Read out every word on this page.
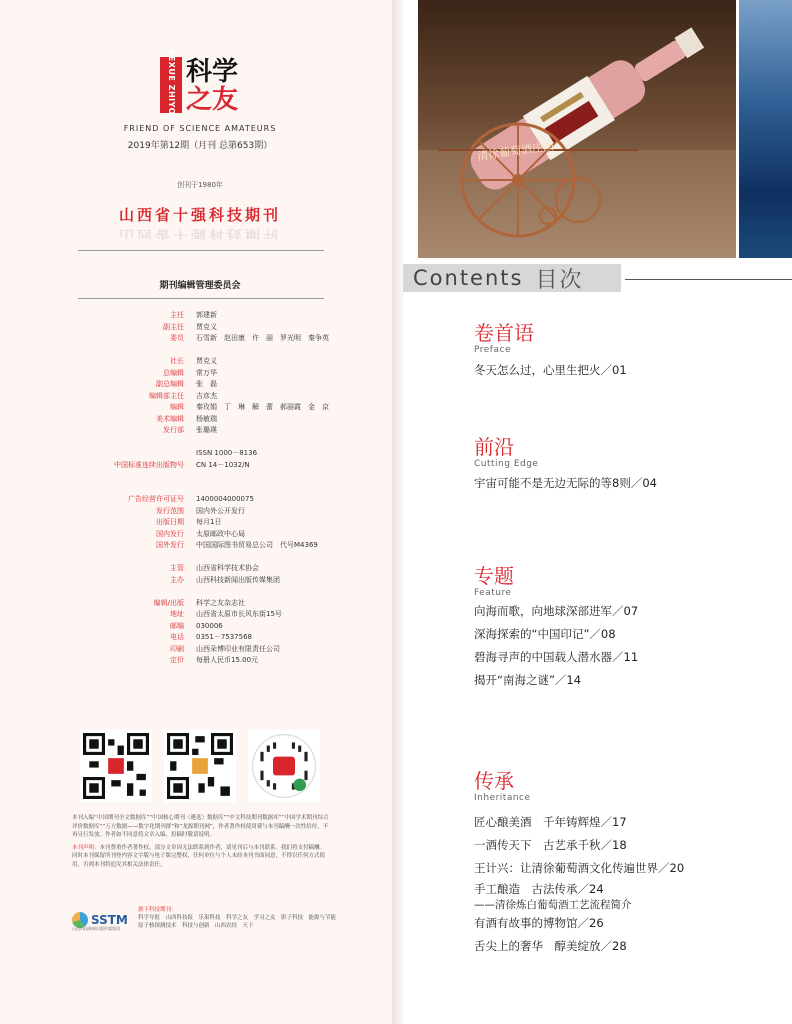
KEXUE ZHIYOU 科学
之友
FRIEND OF SCIENCE AMATEURS
2019年第12期（月刊 总第653期）
创刊于1980年
山西省十强科技期刊
山西省十强科技期刊
期刊编辑管理委员会
主任 郭建新
副主任 贾克义
委员 石雪新　赵田康　许　丽　罗光明　秦争英
社长 贾克义
总编辑 常万华
副总编辑 张　磊
编辑部主任 吉彦杰
编辑 秦玫娟　丁　琳　解　蕾　郝丽霞　金　京
美术编辑 杨敏瑞
发行部 张璐瑛
ISSN 1000－8136
中国标准连续出版物号 CN 14－1032/N
广告经营许可证号 1400004000075
发行范围 国内外公开发行
出版日期 每月1日
国内发行 太原邮政中心局
国外发行 中国国际图书贸易总公司　代号M4369
主管 山西省科学技术协会
主办 山西科技新闻出版传媒集团
编辑/出版 科学之友杂志社
地址 山西省太原市长风东街15号
邮编 030006
电话 0351－7537568
印刷 山西朵博印业有限责任公司
定价 每册人民币15.00元

本刊入编“中国期刊全文数据库”“中国核心期刊（遴选）数据库”“中文科技期刊数据库”“中国学术期刊综合评价数据库”“万方数据——数字化期刊群”和“龙源期刊网”，作者著作权使用费与本刊稿酬一次性给付，不再另行发放。作者如不同意将文章入编，投稿时敬请说明。

本刊声明：本刊尊重作者著作权，部分文章因无法联系到作者，请见刊后与本刊联系。我们将支付稿酬。同时本刊保留所刊登内容文字版与电子版完整权，任何单位与个人未经本刊书面同意，不得以任何方式使用，否则本刊将追究其相关法律责任。

SSTM
山西科技新闻出版传媒集团
旗下科技期刊：
科学导报　山西科技报　乐果科技　科学之友　学习之友　影子科技　能源与节能　原子核探测技术　科技与创新　山西农经　天下
清徐葡萄酒庄园
Contents 目次
卷首语
Preface
冬天怎么过，心里生把火／01
前沿
Cutting Edge
宇宙可能不是无边无际的等8则／04
专题
Feature
向海而歌，向地球深部进军／07
深海探索的“中国印记”／08
碧海寻声的中国载人潜水器／11
揭开“南海之谜”／14
传承
Inheritance
匠心酿美酒　千年铸辉煌／17
一酒传天下　古艺承千秋／18
王计兴：让清徐葡萄酒文化传遍世界／20
手工酿造　古法传承／24
——清徐炼白葡萄酒工艺流程简介
有酒有故事的博物馆／26
舌尖上的奢华　醇美绽放／28
